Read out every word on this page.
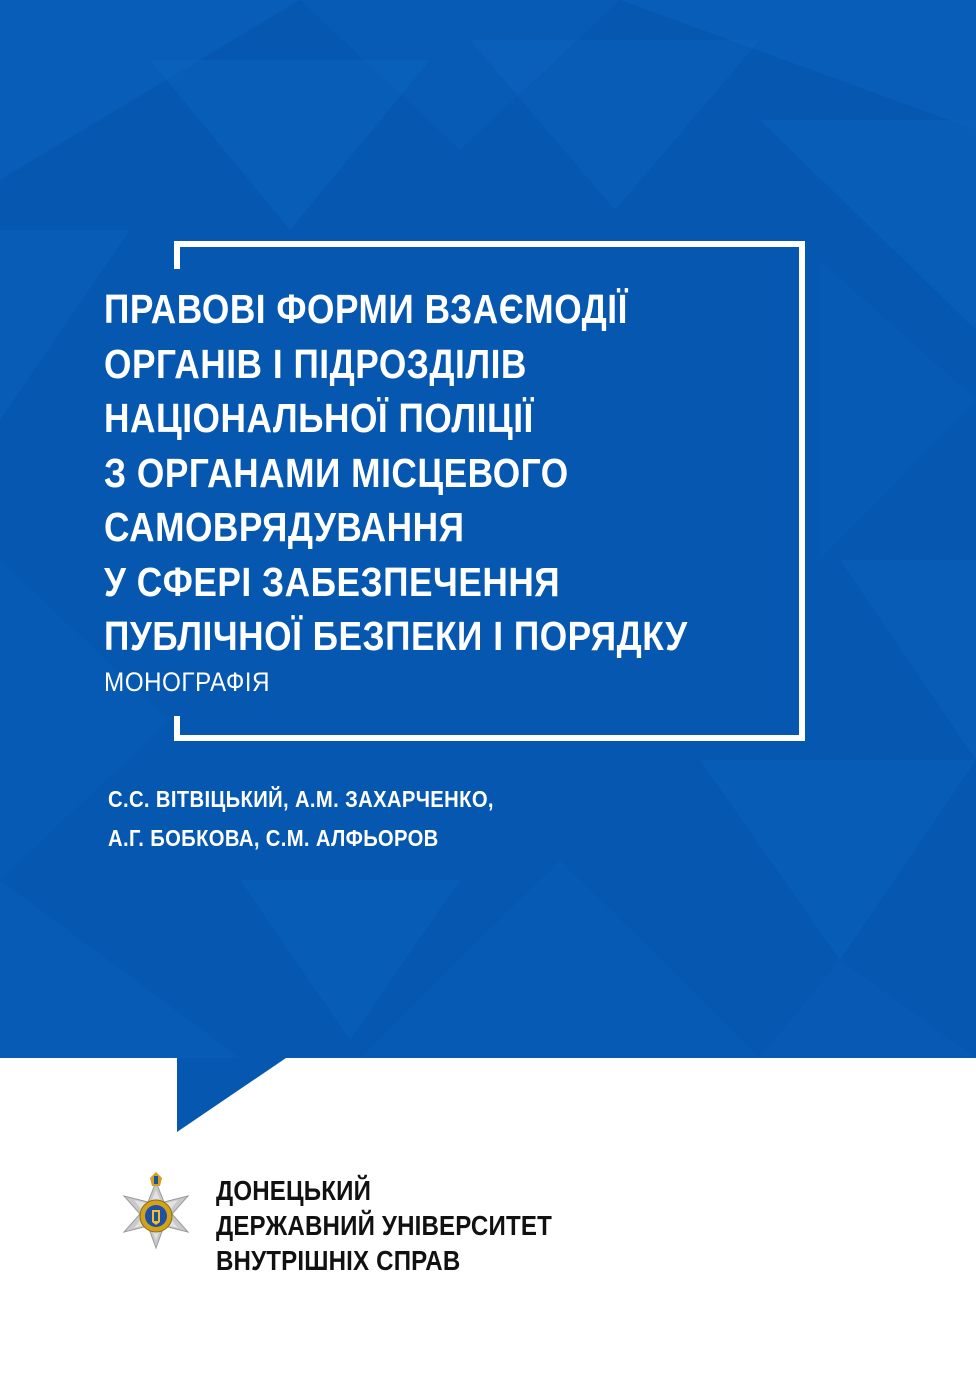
ПРАВОВІ ФОРМИ ВЗАЄМОДІЇ
ОРГАНІВ І ПІДРОЗДІЛІВ
НАЦІОНАЛЬНОЇ ПОЛІЦІЇ
З ОРГАНАМИ МІСЦЕВОГО
САМОВРЯДУВАННЯ
У СФЕРІ ЗАБЕЗПЕЧЕННЯ
ПУБЛІЧНОЇ БЕЗПЕКИ І ПОРЯДКУ
МОНОГРАФІЯ
С.С. ВІТВІЦЬКИЙ, А.М. ЗАХАРЧЕНКО,
А.Г. БОБКОВА, С.М. АЛФЬОРОВ
ДОНЕЦЬКИЙ
ДЕРЖАВНИЙ УНІВЕРСИТЕТ
ВНУТРІШНІХ СПРАВ
